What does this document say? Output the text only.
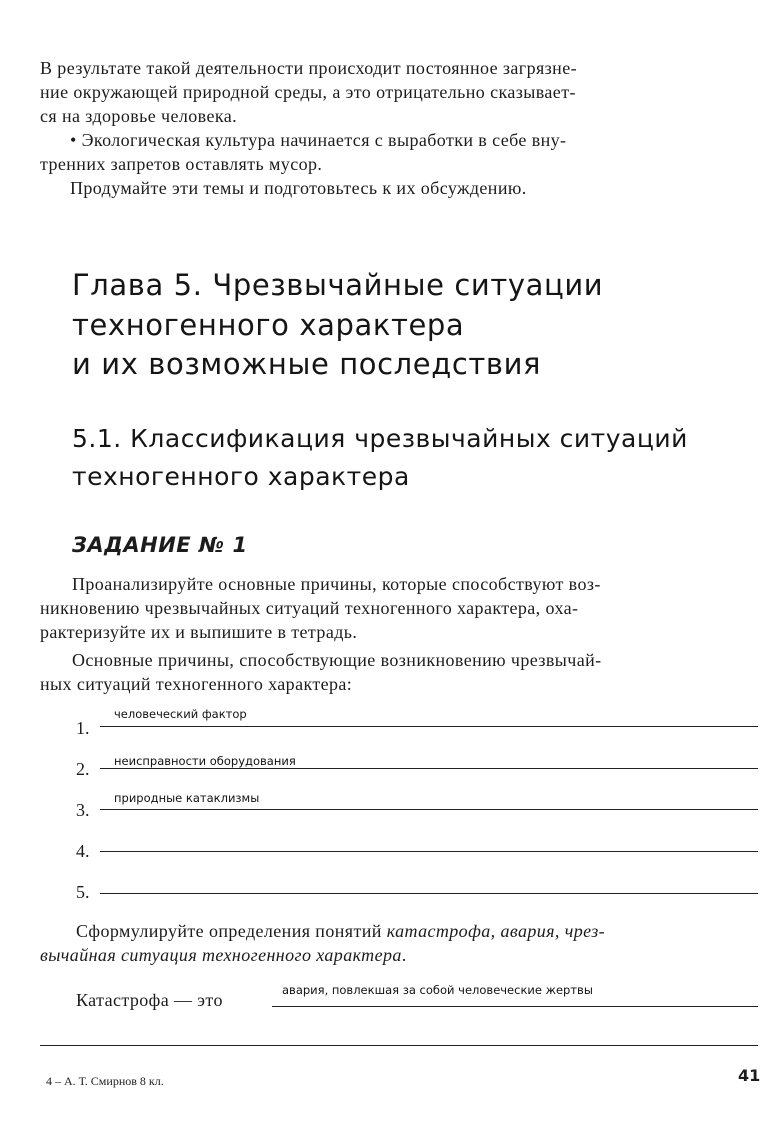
В результате такой деятельности происходит постоянное загрязне-
ние окружающей природной среды, а это отрицательно сказывает-
ся на здоровье человека.
• Экологическая культура начинается с выработки в себе вну-
тренних запретов оставлять мусор.
Продумайте эти темы и подготовьтесь к их обсуждению.
Глава 5. Чрезвычайные ситуации
техногенного характера
и их возможные последствия
5.1. Классификация чрезвычайных ситуаций
техногенного характера
ЗАДАНИЕ № 1
Проанализируйте основные причины, которые способствуют воз-
никновению чрезвычайных ситуаций техногенного характера, оха-
рактеризуйте их и выпишите в тетрадь.
Основные причины, способствующие возникновению чрезвычай-
ных ситуаций техногенного характера:
1.
человеческий фактор
2. неисправности оборудования
3.
природные катаклизмы
4.
5.
Сформулируйте определения понятий катастрофа, авария, чрез-
вычайная ситуация техногенного характера.
Катастрофа — это	авария, повлекшая за собой человеческие жертвы
4 – А. Т. Смирнов 8 кл.	41
